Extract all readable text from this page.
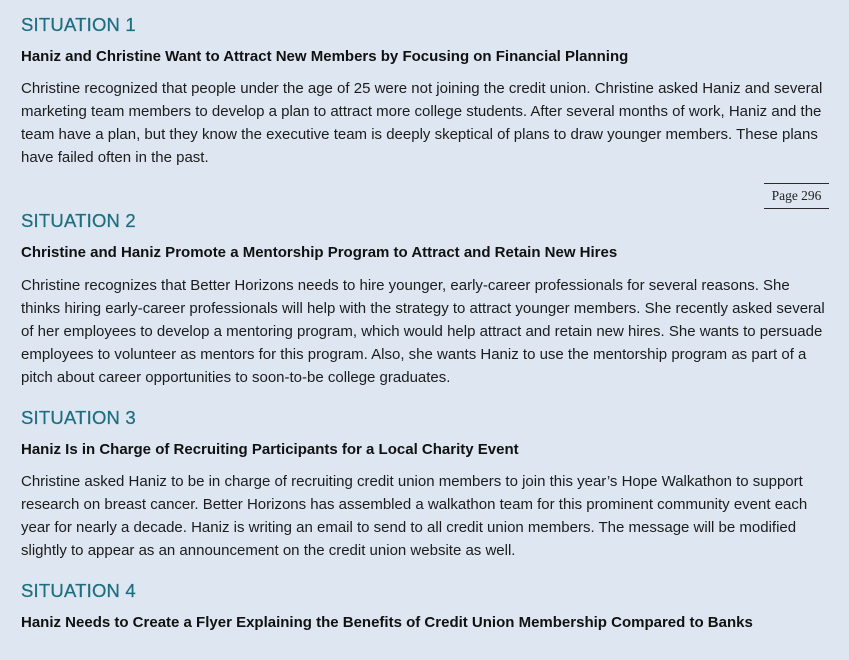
SITUATION 1
Haniz and Christine Want to Attract New Members by Focusing on Financial Planning

Christine recognized that people under the age of 25 were not joining the credit union. Christine asked Haniz and several marketing team members to develop a plan to attract more college students. After several months of work, Haniz and the team have a plan, but they know the executive team is deeply skeptical of plans to draw younger members. These plans have failed often in the past.

Page 296
SITUATION 2
Christine and Haniz Promote a Mentorship Program to Attract and Retain New Hires

Christine recognizes that Better Horizons needs to hire younger, early-career professionals for several reasons. She thinks hiring early-career professionals will help with the strategy to attract younger members. She recently asked several of her employees to develop a mentoring program, which would help attract and retain new hires. She wants to persuade employees to volunteer as mentors for this program. Also, she wants Haniz to use the mentorship program as part of a pitch about career opportunities to soon-to-be college graduates.

SITUATION 3
Haniz Is in Charge of Recruiting Participants for a Local Charity Event

Christine asked Haniz to be in charge of recruiting credit union members to join this year’s Hope Walkathon to support research on breast cancer. Better Horizons has assembled a walkathon team for this prominent community event each year for nearly a decade. Haniz is writing an email to send to all credit union members. The message will be modified slightly to appear as an announcement on the credit union website as well.

SITUATION 4
Haniz Needs to Create a Flyer Explaining the Benefits of Credit Union Membership Compared to Banks
